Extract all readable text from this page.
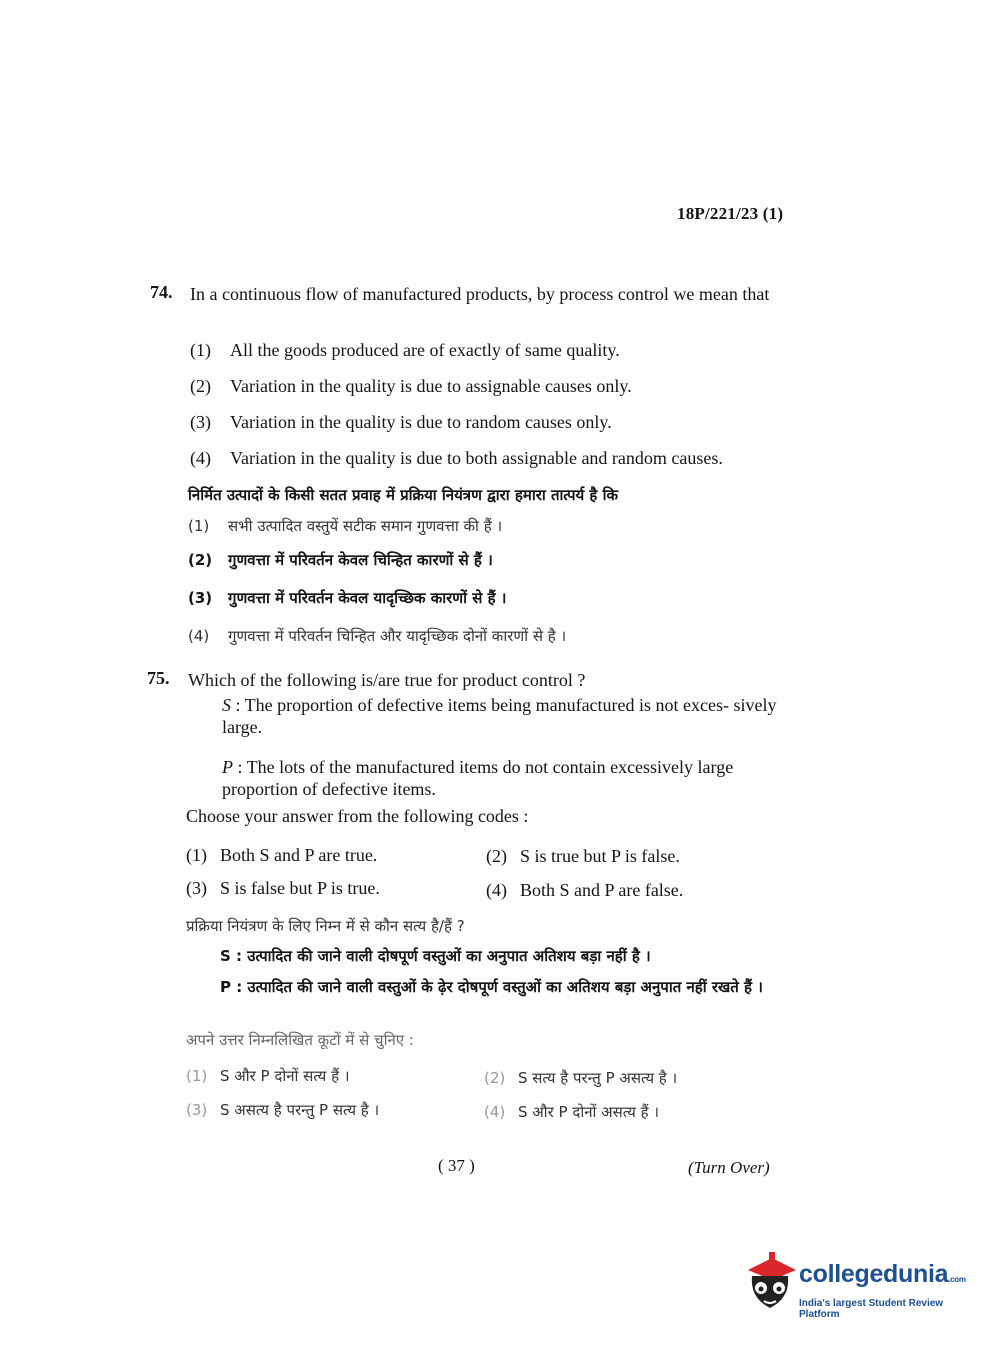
18P/221/23 (1)
74. In a continuous flow of manufactured products, by process control we mean that
(1) All the goods produced are of exactly of same quality.
(2) Variation in the quality is due to assignable causes only.
(3) Variation in the quality is due to random causes only.
(4) Variation in the quality is due to both assignable and random causes.
निर्मित उत्पादों के किसी सतत प्रवाह में प्रक्रिया नियंत्रण द्वारा हमारा तात्पर्य है कि
(1) सभी उत्पादित वस्तुयें सटीक समान गुणवत्ता की हैं ।
(2) गुणवत्ता में परिवर्तन केवल चिन्हित कारणों से हैं ।
(3) गुणवत्ता में परिवर्तन केवल यादृच्छिक कारणों से हैं ।
(4) गुणवत्ता में परिवर्तन चिन्हित और यादृच्छिक दोनों कारणों से है ।
75. Which of the following is/are true for product control ?
S : The proportion of defective items being manufactured is not exces- sively large.
P : The lots of the manufactured items do not contain excessively large proportion of defective items.
Choose your answer from the following codes :
(1) Both S and P are true.	(2) S is true but P is false.
(3) S is false but P is true.	(4) Both S and P are false.
प्रक्रिया नियंत्रण के लिए निम्न में से कौन सत्य है/हैं ?
S : उत्पादित की जाने वाली दोषपूर्ण वस्तुओं का अनुपात अतिशय बड़ा नहीं है ।
P : उत्पादित की जाने वाली वस्तुओं के ढ़ेर दोषपूर्ण वस्तुओं का अतिशय बड़ा अनुपात नहीं रखते हैं ।
अपने उत्तर निम्नलिखित कूटों में से चुनिए :
(1) S और P दोनों सत्य हैं ।	(2) S सत्य है परन्तु P असत्य है ।
(3) S असत्य है परन्तु P सत्य है ।	(4) S और P दोनों असत्य हैं ।
( 37 )	(Turn Over)
collegedunia.com
India's largest Student Review Platform
